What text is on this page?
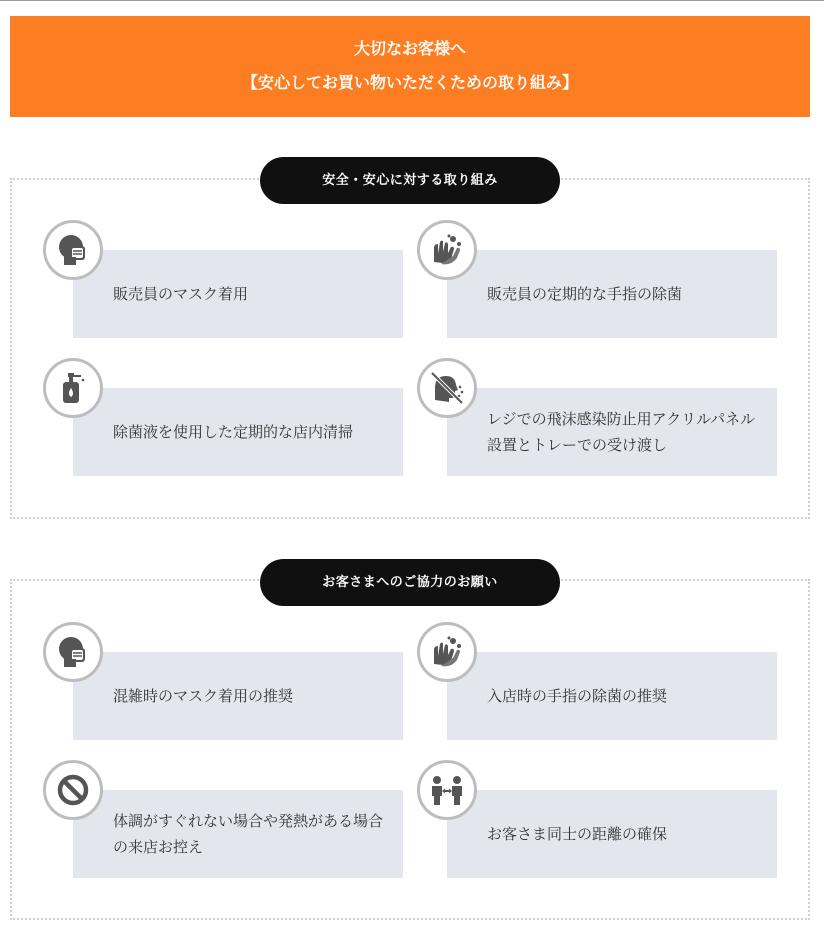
大切なお客様へ
【安心してお買い物いただくための取り組み】
安全・安心に対する取り組み
販売員のマスク着用	販売員の定期的な手指の除菌
除菌液を使用した定期的な店内清掃
レジでの飛沫感染防止用アクリルパネル設置とトレーでの受け渡し
お客さまへのご協力のお願い
混雑時のマスク着用の推奨	入店時の手指の除菌の推奨
体調がすぐれない場合や発熱がある場合の来店お控え
お客さま同士の距離の確保
